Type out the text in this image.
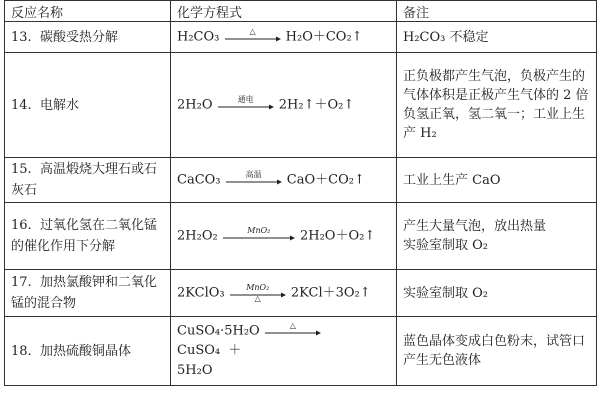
反应名称	化学方程式	备注
13.  碳酸受热分解	H₂CO₃ △ H₂O＋CO₂↑	H₂CO₃ 不稳定
14.  电解水	2H₂O 通电 2H₂↑＋O₂↑	正负极都产生气泡，负极产生的气体体积是正极产生气体的 2 倍
负氢正氧，氢二氧一；工业上生产 H₂
15.  高温煅烧大理石或石灰石	CaCO₃ 高温 CaO＋CO₂↑	工业上生产 CaO
16.  过氧化氢在二氧化锰的催化作用下分解	2H₂O₂ MnO₂ 2H₂O＋O₂↑	产生大量气泡，放出热量
实验室制取 O₂
17.  加热氯酸钾和二氧化锰的混合物	2KClO₃ MnO₂
△ 2KCl＋3O₂↑	实验室制取 O₂
18.  加热硫酸铜晶体	CuSO₄·5H₂O △
CuSO₄  ＋
5H₂O	蓝色晶体变成白色粉末，试管口产生无色液体
